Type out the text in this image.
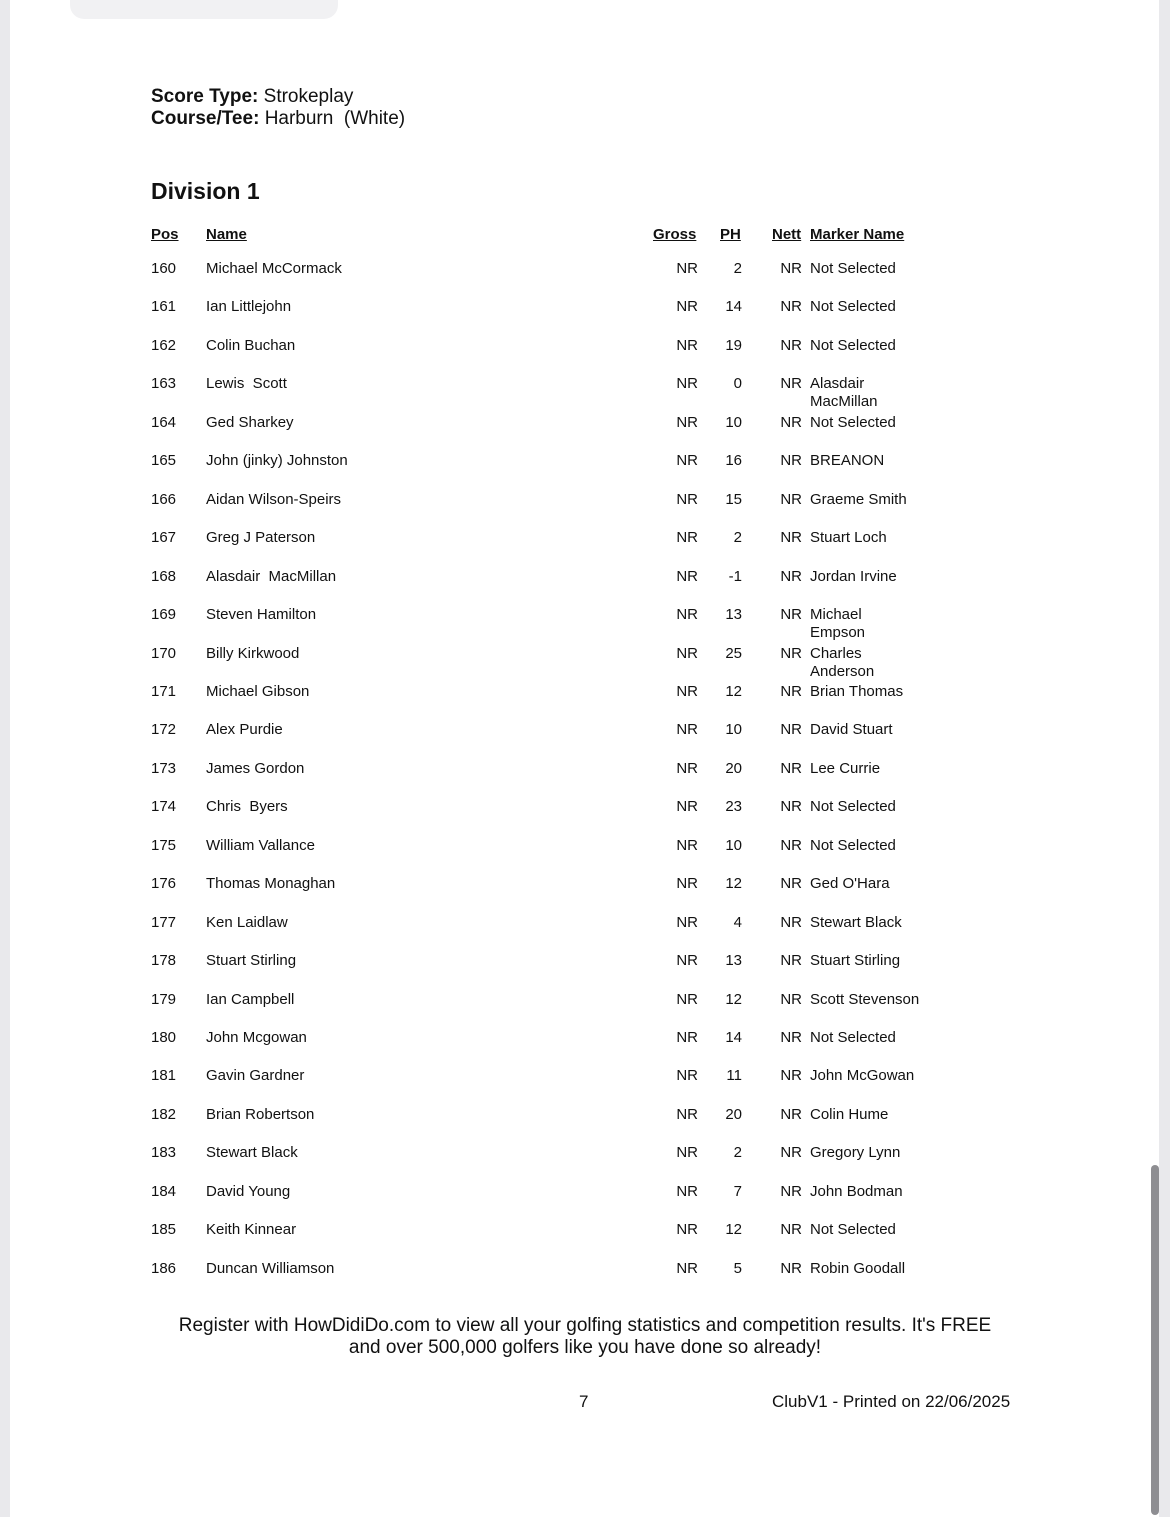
Score Type: Strokeplay
Course/Tee: Harburn  (White)
Division 1
Pos Name	Gross PH Nett Marker Name
160 Michael McCormack	NR	2	NR Not Selected
161 Ian Littlejohn	NR	14	NR Not Selected
162 Colin Buchan	NR	19	NR Not Selected
163 Lewis  Scott	NR	0	NR Alasdair MacMillan
164 Ged Sharkey	NR	10	NR Not Selected
165 John (jinky) Johnston	NR	16	NR BREANON
166 Aidan Wilson-Speirs	NR	15	NR Graeme Smith
167 Greg J Paterson	NR	2	NR Stuart Loch
168 Alasdair  MacMillan	NR	-1	NR Jordan Irvine
169 Steven Hamilton	NR	13	NR Michael Empson
170 Billy Kirkwood	NR	25	NR Charles Anderson
171 Michael Gibson	NR	12	NR Brian Thomas
172 Alex Purdie	NR	10	NR David Stuart
173 James Gordon	NR	20	NR Lee Currie
174 Chris  Byers	NR	23	NR Not Selected
175 William Vallance	NR	10	NR Not Selected
176 Thomas Monaghan	NR	12	NR Ged O'Hara
177 Ken Laidlaw	NR	4	NR Stewart Black
178 Stuart Stirling	NR	13	NR Stuart Stirling
179 Ian Campbell	NR	12	NR Scott Stevenson
180 John Mcgowan	NR	14	NR Not Selected
181 Gavin Gardner	NR	11	NR John McGowan
182 Brian Robertson	NR	20	NR Colin Hume
183 Stewart Black	NR	2	NR Gregory Lynn
184 David Young	NR	7	NR John Bodman
185 Keith Kinnear	NR	12	NR Not Selected
186 Duncan Williamson	NR	5	NR Robin Goodall
Register with HowDidiDo.com to view all your golfing statistics and competition results. It's FREE
and over 500,000 golfers like you have done so already!
7	ClubV1 - Printed on 22/06/2025
